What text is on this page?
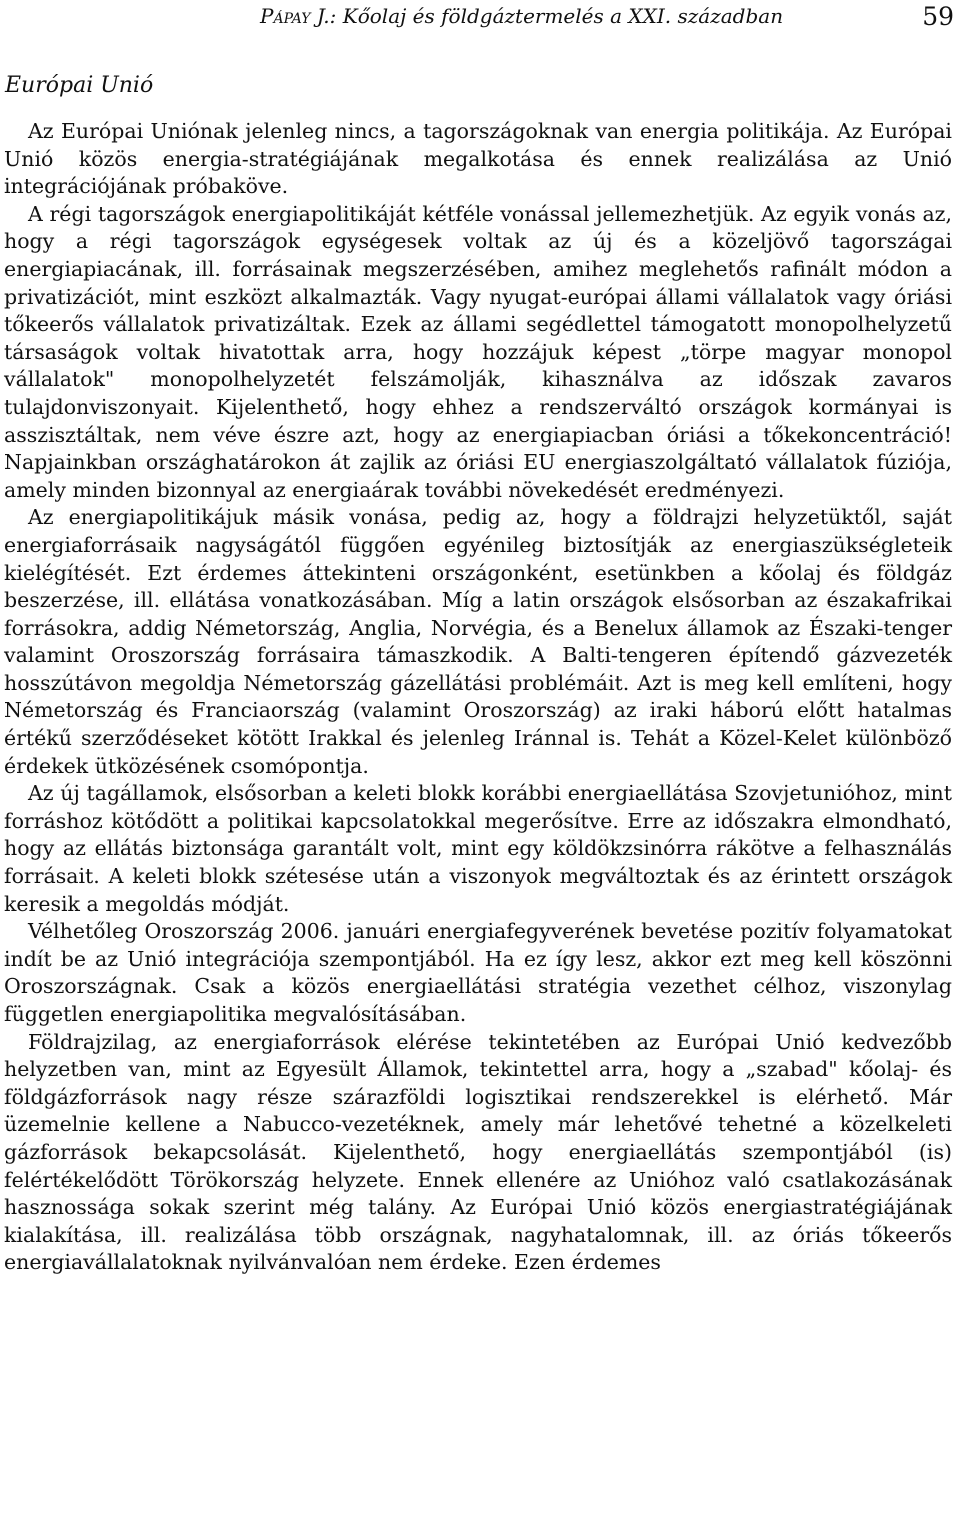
Pápay J.: Kőolaj és földgáztermelés a XXI. században	59
Európai Unió

Az Európai Uniónak jelenleg nincs, a tagországoknak van energia politikája. Az Európai Unió közös energia-stratégiájának megalkotása és ennek realizálása az Unió integrációjának próbaköve.

A régi tagországok energiapolitikáját kétféle vonással jellemezhetjük. Az egyik vonás az, hogy a régi tagországok egységesek voltak az új és a közeljövő tagországai energiapiacának, ill. forrásainak megszerzésében, amihez meglehetős rafinált módon a privatizációt, mint eszközt alkalmazták. Vagy nyugat-európai állami vállalatok vagy óriási tőkeerős vállalatok privatizáltak. Ezek az állami segédlettel támogatott monopolhelyzetű társaságok voltak hivatottak arra, hogy hozzájuk képest „törpe magyar monopol vállalatok" monopolhelyzetét felszámolják, kihasználva az időszak zavaros tulajdonviszonyait. Kijelenthető, hogy ehhez a rendszerváltó országok kormányai is asszisztáltak, nem véve észre azt, hogy az energiapiacban óriási a tőkekoncentráció! Napjainkban országhatárokon át zajlik az óriási EU energiaszolgáltató vállalatok fúziója, amely minden bizonnyal az energiaárak további növekedését eredményezi.

Az energiapolitikájuk másik vonása, pedig az, hogy a földrajzi helyzetüktől, saját energiaforrásaik nagyságától függően egyénileg biztosítják az energiaszükségleteik kielégítését. Ezt érdemes áttekinteni országonként, esetünkben a kőolaj és földgáz beszerzése, ill. ellátása vonatkozásában. Míg a latin országok elsősorban az északafrikai forrásokra, addig Németország, Anglia, Norvégia, és a Benelux államok az Északi-tenger valamint Oroszország forrásaira támaszkodik. A Balti-tengeren építendő gázvezeték hosszútávon megoldja Németország gázellátási problémáit. Azt is meg kell említeni, hogy Németország és Franciaország (valamint Oroszország) az iraki háború előtt hatalmas értékű szerződéseket kötött Irakkal és jelenleg Iránnal is. Tehát a Közel-Kelet különböző érdekek ütközésének csomópontja.

Az új tagállamok, elsősorban a keleti blokk korábbi energiaellátása Szovjetunióhoz, mint forráshoz kötődött a politikai kapcsolatokkal megerősítve. Erre az időszakra elmondható, hogy az ellátás biztonsága garantált volt, mint egy köldökzsinórra rákötve a felhasználás forrásait. A keleti blokk szétesése után a viszonyok megváltoztak és az érintett országok keresik a megoldás módját.

Vélhetőleg Oroszország 2006. januári energiafegyverének bevetése pozitív folyamatokat indít be az Unió integrációja szempontjából. Ha ez így lesz, akkor ezt meg kell köszönni Oroszországnak. Csak a közös energiaellátási stratégia vezethet célhoz, viszonylag független energiapolitika megvalósításában.

Földrajzilag, az energiaforrások elérése tekintetében az Európai Unió kedvezőbb helyzetben van, mint az Egyesült Államok, tekintettel arra, hogy a „szabad" kőolaj- és földgázforrások nagy része szárazföldi logisztikai rendszerekkel is elérhető. Már üzemelnie kellene a Nabucco-vezetéknek, amely már lehetővé tehetné a közelkeleti gázforrások bekapcsolását. Kijelenthető, hogy energiaellátás szempontjából (is) felértékelődött Törökország helyzete. Ennek ellenére az Unióhoz való csatlakozásának hasznossága sokak szerint még talány. Az Európai Unió közös energiastratégiájának kialakítása, ill. realizálása több országnak, nagyhatalomnak, ill. az óriás tőkeerős energiavállalatoknak nyilvánvalóan nem érdeke. Ezen érdemes
